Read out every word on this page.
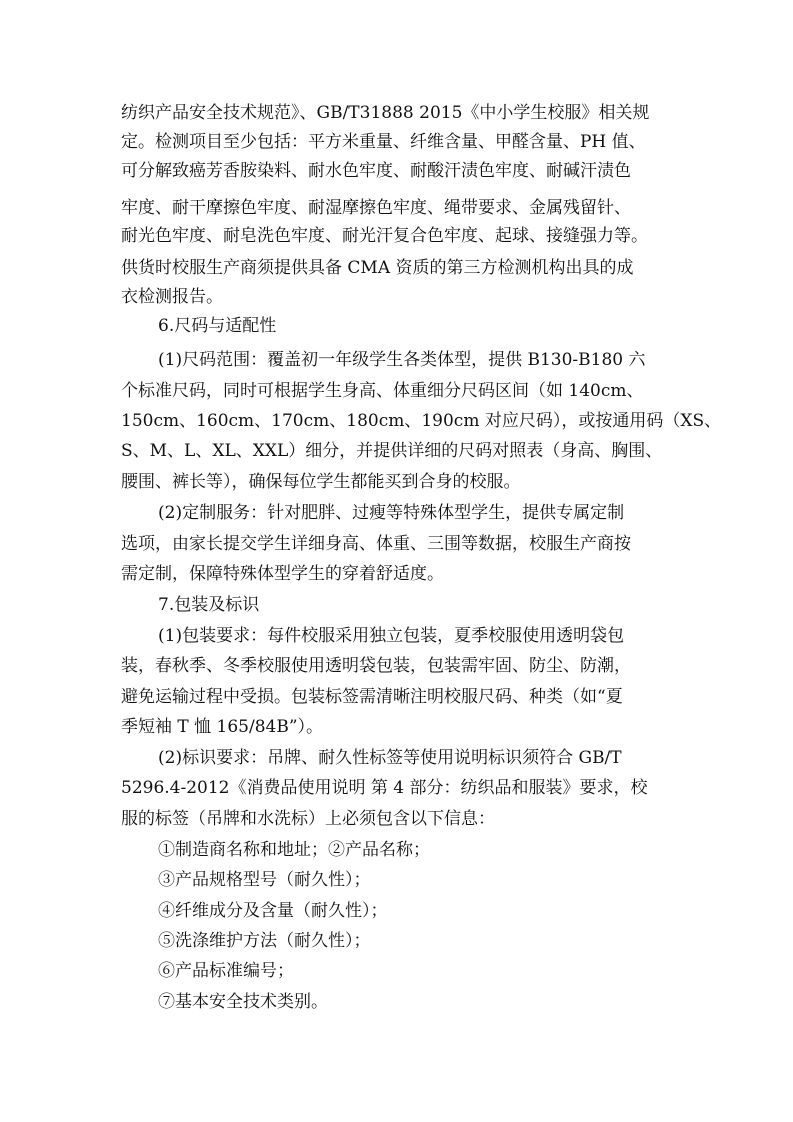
纺织产品安全技术规范》、GB/T31888 2015《中小学生校服》相关规
定。检测项目至少包括：平方米重量、纤维含量、甲醛含量、PH 值、
可分解致癌芳香胺染料、耐水色牢度、耐酸汗渍色牢度、耐碱汗渍色
牢度、耐干摩擦色牢度、耐湿摩擦色牢度、绳带要求、金属残留针、
耐光色牢度、耐皂洗色牢度、耐光汗复合色牢度、起球、接缝强力等。
供货时校服生产商须提供具备 CMA 资质的第三方检测机构出具的成
衣检测报告。
6.尺码与适配性
(1)尺码范围：覆盖初一年级学生各类体型，提供 B130-B180 六
个标准尺码，同时可根据学生身高、体重细分尺码区间（如 140cm、
150cm、160cm、170cm、180cm、190cm 对应尺码），或按通用码（XS、
S、M、L、XL、XXL）细分，并提供详细的尺码对照表（身高、胸围、
腰围、裤长等），确保每位学生都能买到合身的校服。
(2)定制服务：针对肥胖、过瘦等特殊体型学生，提供专属定制
选项，由家长提交学生详细身高、体重、三围等数据，校服生产商按
需定制，保障特殊体型学生的穿着舒适度。
7.包装及标识
(1)包装要求：每件校服采用独立包装，夏季校服使用透明袋包
装，春秋季、冬季校服使用透明袋包装，包装需牢固、防尘、防潮，
避免运输过程中受损。包装标签需清晰注明校服尺码、种类（如“夏
季短袖 T 恤 165/84B”）。
(2)标识要求：吊牌、耐久性标签等使用说明标识须符合 GB/T
5296.4-2012《消费品使用说明 第 4 部分：纺织品和服装》要求，校
服的标签（吊牌和水洗标）上必须包含以下信息：
①制造商名称和地址；②产品名称；
③产品规格型号（耐久性）；
④纤维成分及含量（耐久性）；
⑤洗涤维护方法（耐久性）；
⑥产品标准编号；
⑦基本安全技术类别。
